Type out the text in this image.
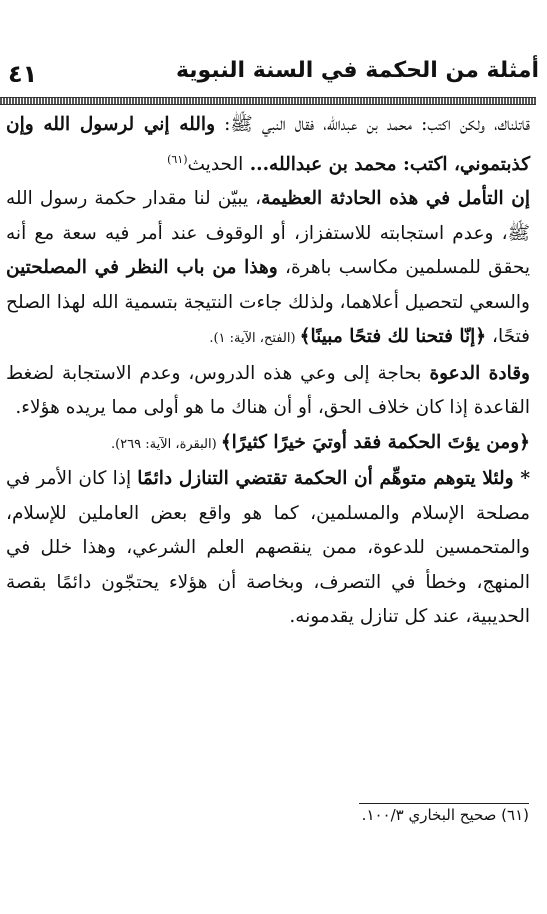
٤١	أمثلة من الحكمة في السنة النبوية

قاتلناك، ولكن اكتب: محمد بن عبدالله، فقال النبي ﷺ: والله إني لرسول الله وإن كذبتموني، اكتب: محمد بن عبدالله... الحديث$^{(٦١)}$

إن التأمل في هذه الحادثة العظيمة، يبيّن لنا مقدار حكمة رسول الله ﷺ، وعدم استجابته للاستفزاز، أو الوقوف عند أمر فيه سعة مع أنه يحقق للمسلمين مكاسب باهرة، وهذا من باب النظر في المصلحتين والسعي لتحصيل أعلاهما، ولذلك جاءت النتيجة بتسمية الله لهذا الصلح فتحًا، ﴿إنّا فتحنا لك فتحًا مبينًا﴾ (الفتح، الآية: ١).

وقادة الدعوة بحاجة إلى وعي هذه الدروس، وعدم الاستجابة لضغط القاعدة إذا كان خلاف الحق، أو أن هناك ما هو أولى مما يريده هؤلاء.

﴿ومن يؤتَ الحكمة فقد أوتيَ خيرًا كثيرًا﴾ (البقرة، الآية: ٢٦٩).

* ولئلا يتوهم متوهِّم أن الحكمة تقتضي التنازل دائمًا إذا كان الأمر في مصلحة الإسلام والمسلمين، كما هو واقع بعض العاملين للإسلام، والمتحمسين للدعوة، ممن ينقصهم العلم الشرعي، وهذا خلل في المنهج، وخطأ في التصرف، وبخاصة أن هؤلاء يحتجّون دائمًا بقصة الحديبية، عند كل تنازل يقدمونه.

(٦١) صحيح البخاري ١٠٠/٣.
